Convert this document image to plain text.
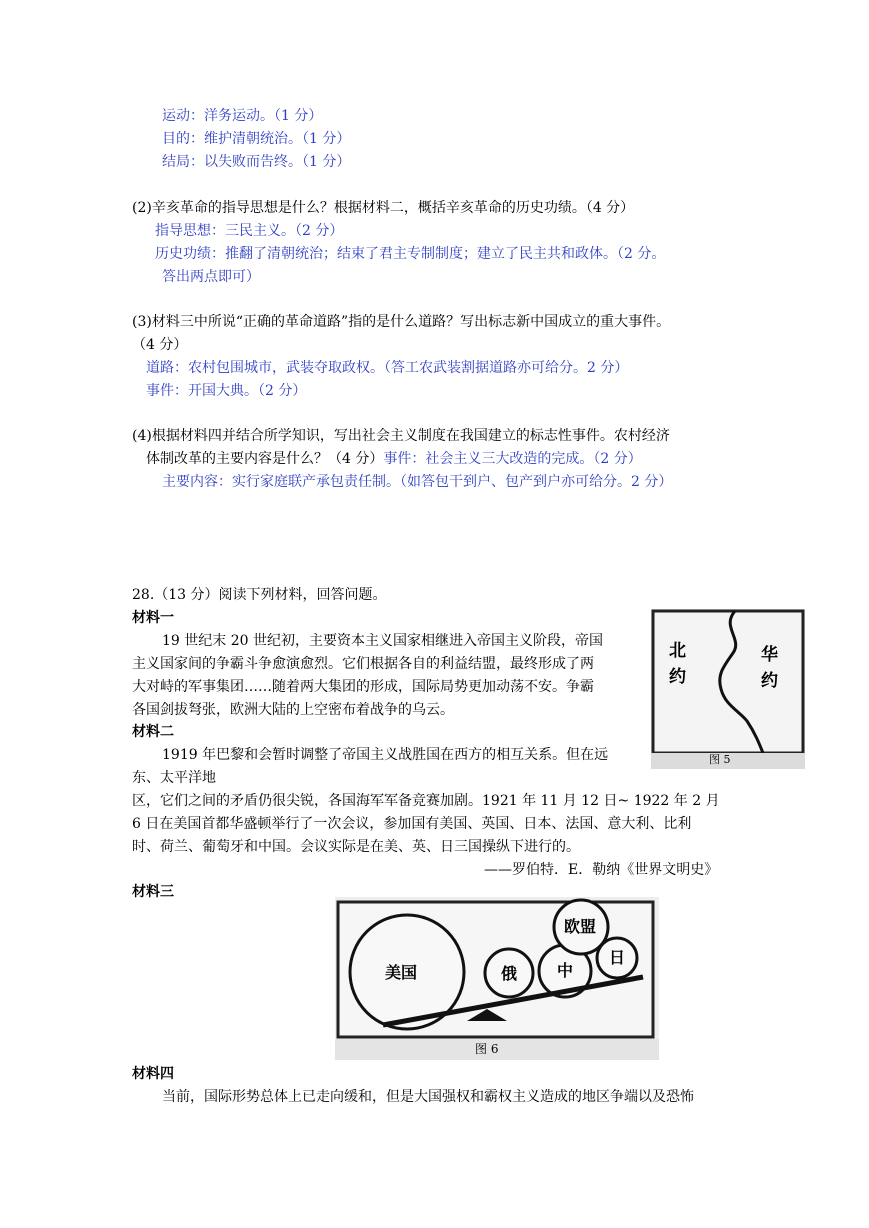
运动：洋务运动。（1 分）
目的：维护清朝统治。（1 分）
结局：以失败而告终。（1 分）
(2)辛亥革命的指导思想是什么？根据材料二，概括辛亥革命的历史功绩。（4 分）
指导思想：三民主义。（2 分）
历史功绩：推翻了清朝统治；结束了君主专制制度；建立了民主共和政体。（2 分。
答出两点即可）
(3)材料三中所说“正确的革命道路”指的是什么道路？写出标志新中国成立的重大事件。
（4 分）
道路：农村包围城市，武装夺取政权。（答工农武装割据道路亦可给分。2 分）
事件：开国大典。（2 分）
(4)根据材料四并结合所学知识，写出社会主义制度在我国建立的标志性事件。农村经济
体制改革的主要内容是什么？（4 分）事件：社会主义三大改造的完成。（2 分）
主要内容：实行家庭联产承包责任制。（如答包干到户、包产到户亦可给分。2 分）
28.（13 分）阅读下列材料，回答问题。
材料一
19 世纪末 20 世纪初，主要资本主义国家相继进入帝国主义阶段，帝国
主义国家间的争霸斗争愈演愈烈。它们根据各自的利益结盟，最终形成了两
大对峙的军事集团……随着两大集团的形成，国际局势更加动荡不安。争霸
各国剑拔弩张，欧洲大陆的上空密布着战争的乌云。
材料二
1919 年巴黎和会暂时调整了帝国主义战胜国在西方的相互关系。但在远
东、太平洋地
区，它们之间的矛盾仍很尖锐，各国海军军备竞赛加剧。1921 年 11 月 12 日~ 1922 年 2 月
6 日在美国首都华盛顿举行了一次会议，参加国有美国、英国、日本、法国、意大利、比利
时、荷兰、葡萄牙和中国。会议实际是在美、英、日三国操纵下进行的。
——罗伯特．E．勒纳《世界文明史》
材料三
材料四
当前，国际形势总体上已走向缓和，但是大国强权和霸权主义造成的地区争端以及恐怖
北
约
华
约
图 5
美国	俄 中
欧盟
日
图 6
